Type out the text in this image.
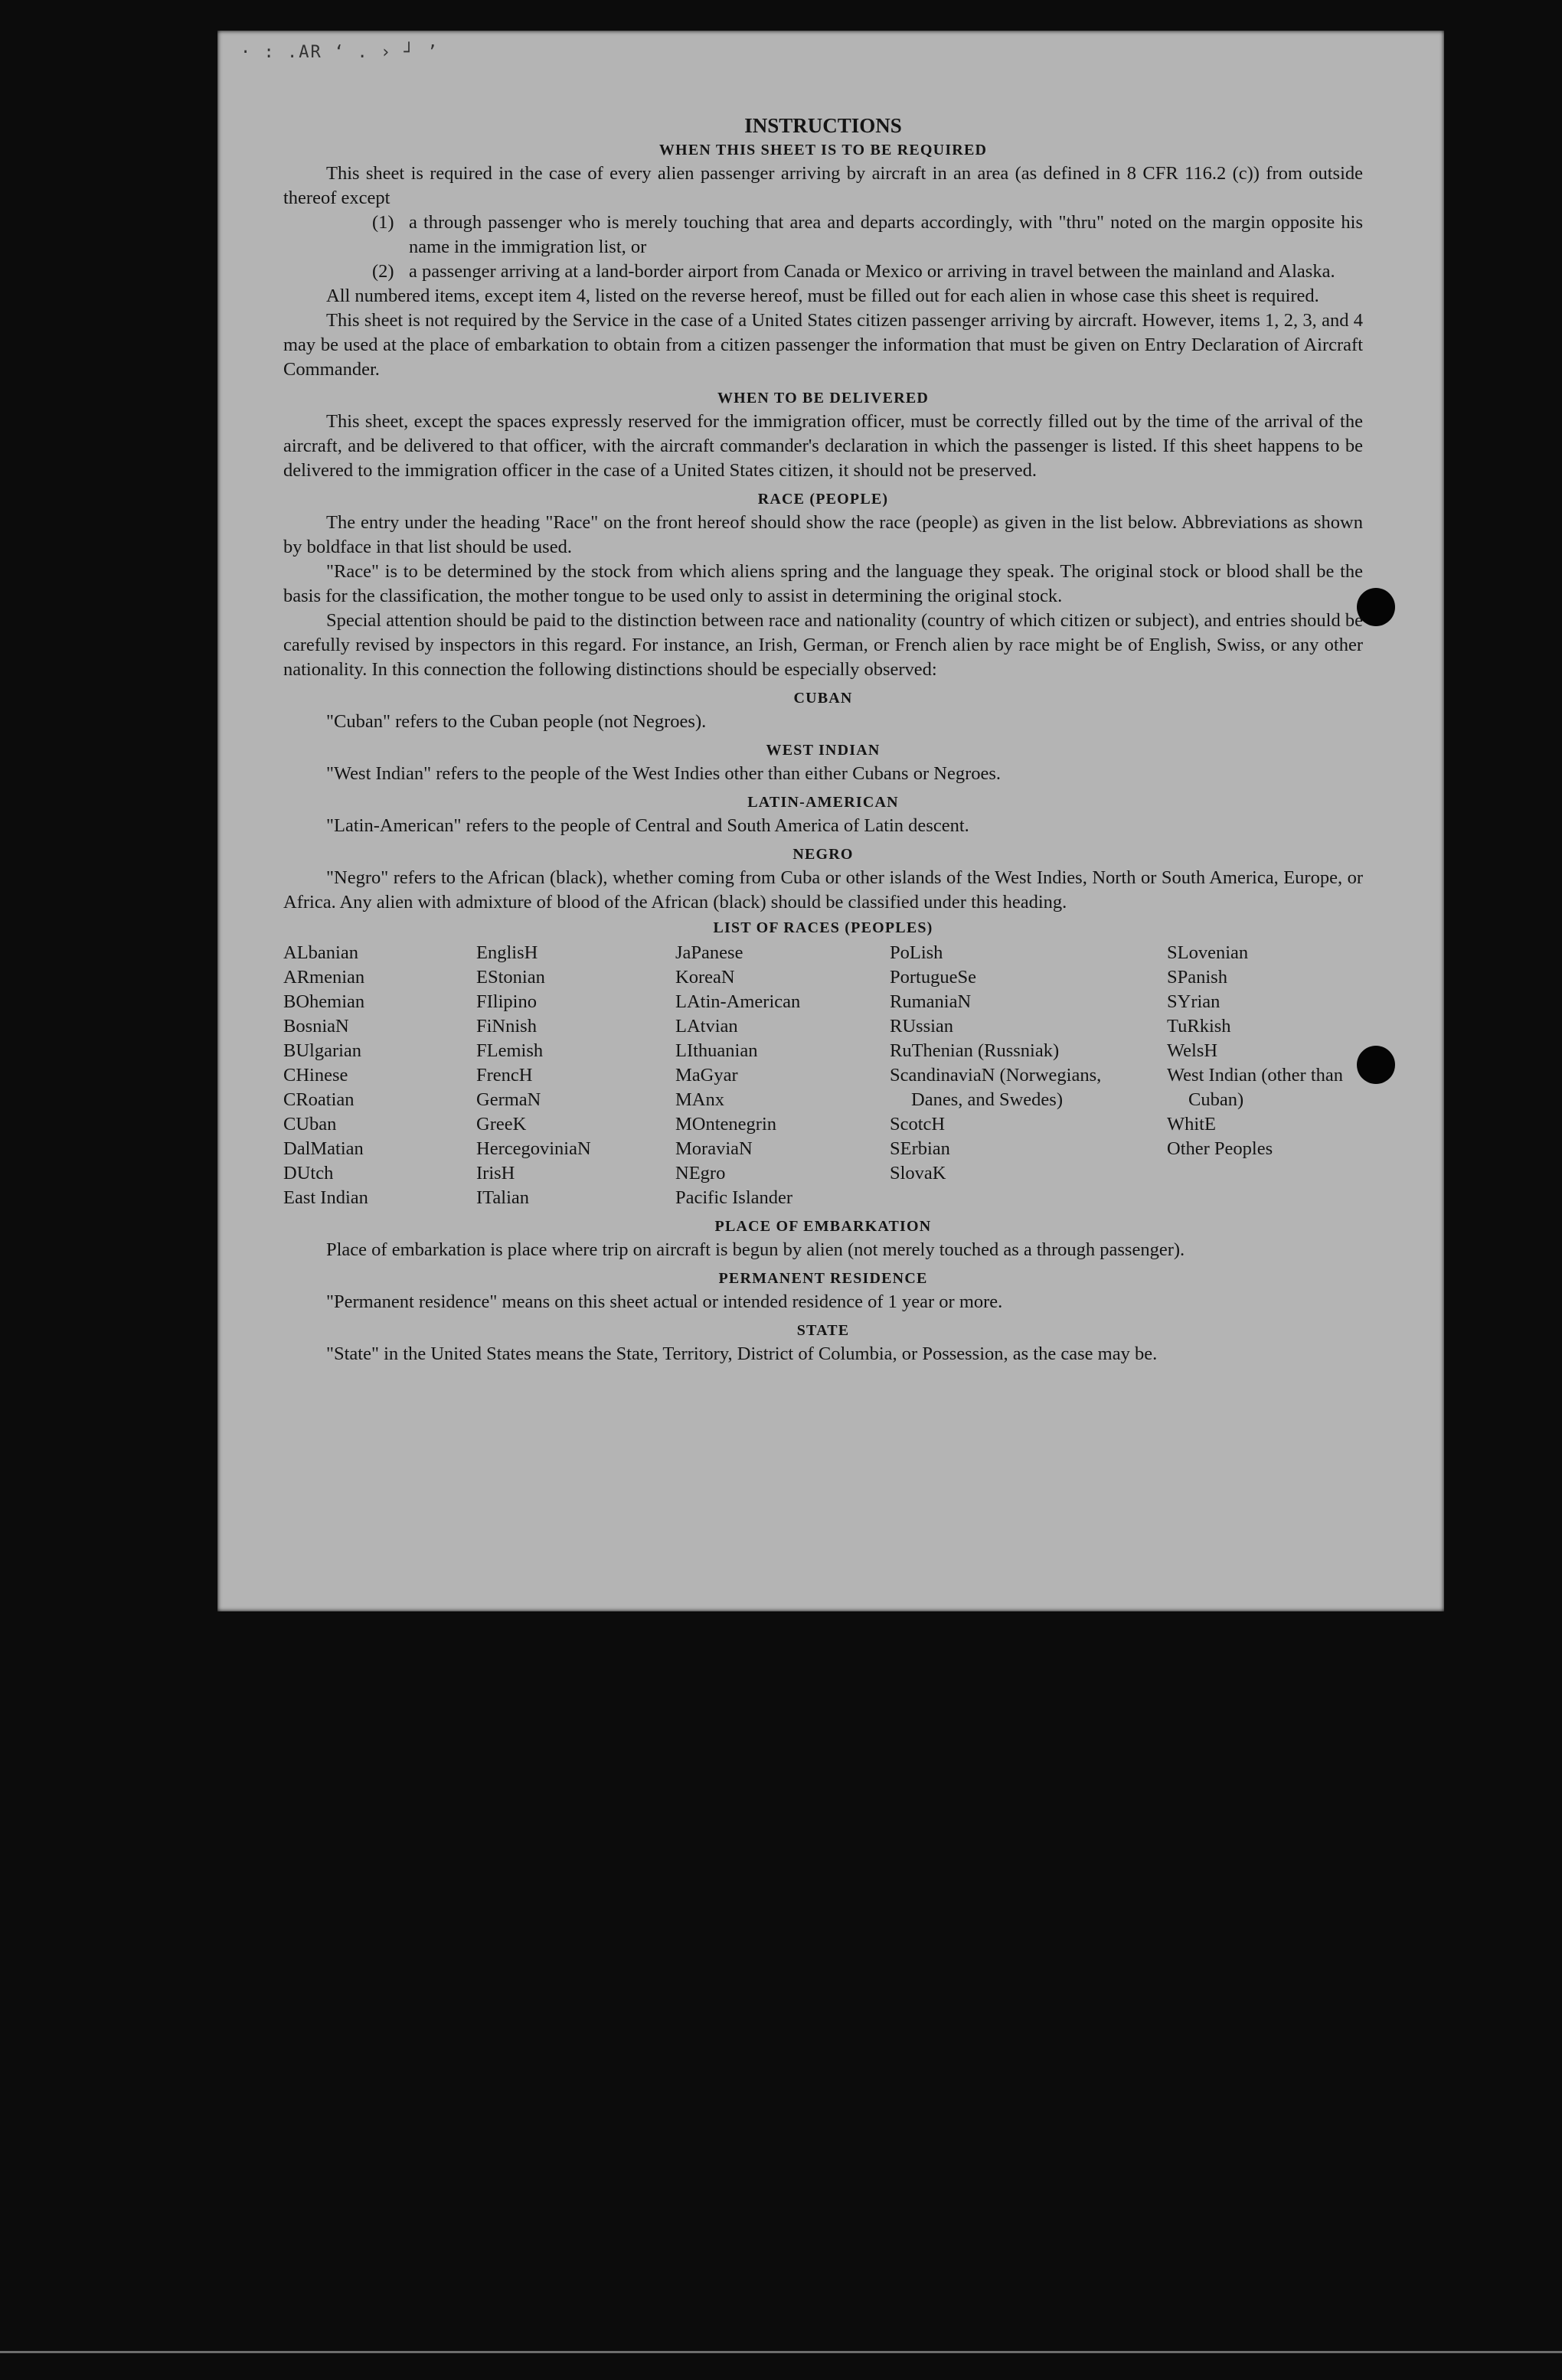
· : .AR ‘ . › ┘ ’
INSTRUCTIONS
WHEN THIS SHEET IS TO BE REQUIRED

This sheet is required in the case of every alien passenger arriving by aircraft in an area (as defined in 8 CFR 116.2 (c)) from outside thereof except

(1) a through passenger who is merely touching that area and departs accordingly, with "thru" noted on the margin opposite his name in the immigration list, or
(2) a passenger arriving at a land-border airport from Canada or Mexico or arriving in travel between the mainland and Alaska.

All numbered items, except item 4, listed on the reverse hereof, must be filled out for each alien in whose case this sheet is required.

This sheet is not required by the Service in the case of a United States citizen passenger arriving by aircraft. However, items 1, 2, 3, and 4 may be used at the place of embarkation to obtain from a citizen passenger the information that must be given on Entry Declaration of Aircraft Commander.

WHEN TO BE DELIVERED

This sheet, except the spaces expressly reserved for the immigration officer, must be correctly filled out by the time of the arrival of the aircraft, and be delivered to that officer, with the aircraft commander's declaration in which the passenger is listed. If this sheet happens to be delivered to the immigration officer in the case of a United States citizen, it should not be preserved.

RACE (PEOPLE)

The entry under the heading "Race" on the front hereof should show the race (people) as given in the list below. Abbreviations as shown by boldface in that list should be used.

"Race" is to be determined by the stock from which aliens spring and the language they speak. The original stock or blood shall be the basis for the classification, the mother tongue to be used only to assist in determining the original stock.

Special attention should be paid to the distinction between race and nationality (country of which citizen or subject), and entries should be carefully revised by inspectors in this regard. For instance, an Irish, German, or French alien by race might be of English, Swiss, or any other nationality. In this connection the following distinctions should be especially observed:

CUBAN

"Cuban" refers to the Cuban people (not Negroes).

WEST INDIAN

"West Indian" refers to the people of the West Indies other than either Cubans or Negroes.

LATIN-AMERICAN

"Latin-American" refers to the people of Central and South America of Latin descent.

NEGRO

"Negro" refers to the African (black), whether coming from Cuba or other islands of the West Indies, North or South America, Europe, or Africa. Any alien with admixture of blood of the African (black) should be classified under this heading.

LIST OF RACES (PEOPLES)
ALbanian
ARmenian
BOhemian
BosniaN
BUlgarian
CHinese
CRoatian
CUban
DalMatian
DUtch
East Indian
EnglisH
EStonian
FIlipino
FiNnish
FLemish
FrencH
GermaN
GreeK
HercegoviniaN
IrisH
ITalian
JaPanese
KoreaN
LAtin-American
LAtvian
LIthuanian
MaGyar
MAnx
MOntenegrin
MoraviaN
NEgro
Pacific Islander
PoLish
PortugueSe
RumaniaN
RUssian
RuThenian (Russniak)
ScandinaviaN (Norwegians, Danes, and Swedes)
ScotcH
SErbian
SlovaK
SLovenian
SPanish
SYrian
TuRkish
WelsH
West Indian (other than Cuban)
WhitE
Other Peoples
PLACE OF EMBARKATION

Place of embarkation is place where trip on aircraft is begun by alien (not merely touched as a through passenger).

PERMANENT RESIDENCE

"Permanent residence" means on this sheet actual or intended residence of 1 year or more.

STATE

"State" in the United States means the State, Territory, District of Columbia, or Possession, as the case may be.
